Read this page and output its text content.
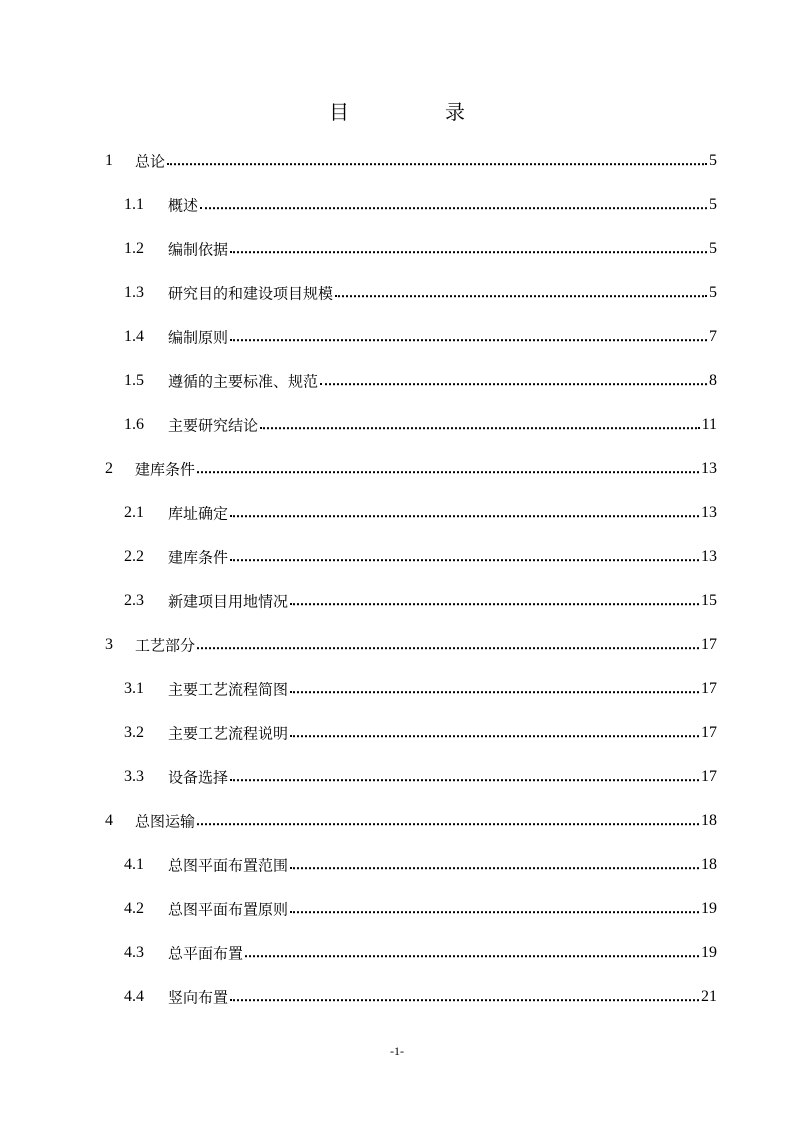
目　录
1 总论	5
1.1 概述	5
1.2 编制依据	5
1.3 研究目的和建设项目规模	5
1.4 编制原则	7
1.5 遵循的主要标准、规范	8
1.6 主要研究结论	11
2 建库条件	13
2.1 库址确定	13
2.2 建库条件	13
2.3 新建项目用地情况	15
3 工艺部分	17
3.1 主要工艺流程简图	17
3.2 主要工艺流程说明	17
3.3 设备选择	17
4 总图运输	18
4.1 总图平面布置范围	18
4.2 总图平面布置原则	19
4.3 总平面布置	19
4.4 竖向布置	21
-1-
